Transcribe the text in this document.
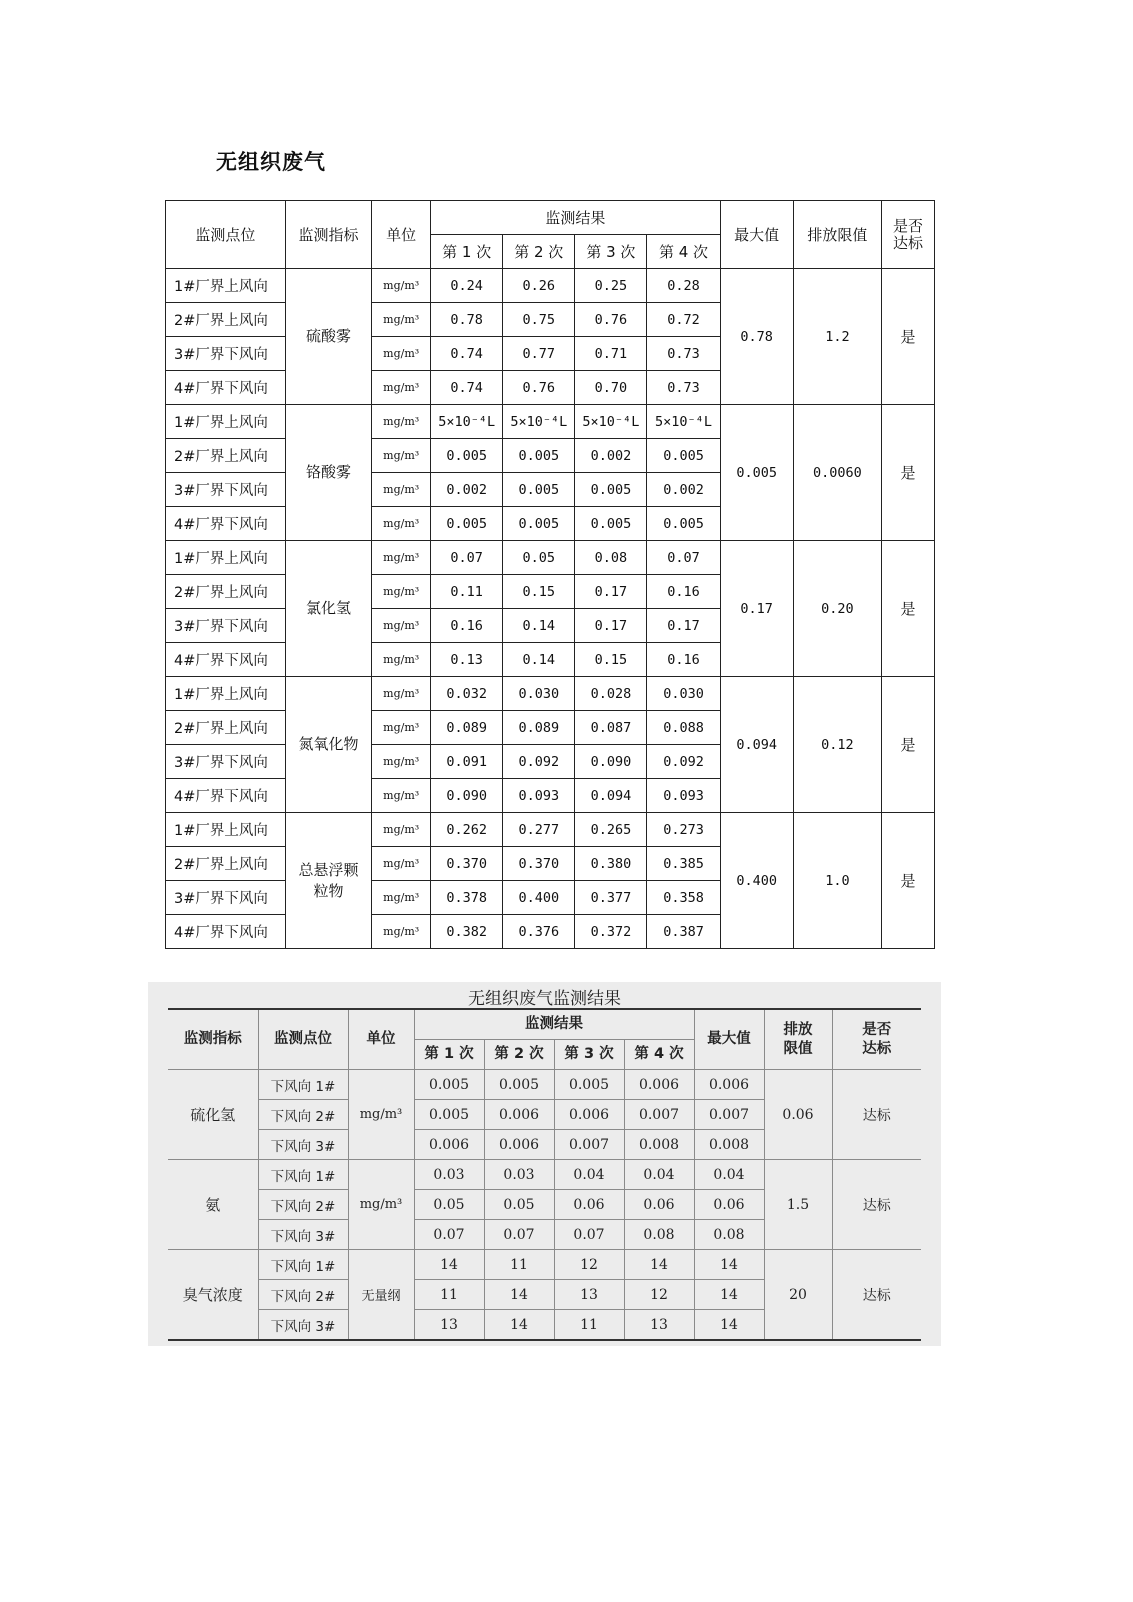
无组织废气
监测点位	监测指标	单位	监测结果				最大值	排放限值	是否达标
			第 1 次	第 2 次	第 3 次	第 4 次			
1#厂界上风向	硫酸雾	mg/m³	0.24	0.26	0.25	0.28	0.78	1.2	是
2#厂界上风向		mg/m³	0.78	0.75	0.76	0.72			
3#厂界下风向		mg/m³	0.74	0.77	0.71	0.73			
4#厂界下风向		mg/m³	0.74	0.76	0.70	0.73			
1#厂界上风向	铬酸雾	mg/m³	5×10⁻⁴L	5×10⁻⁴L	5×10⁻⁴L	5×10⁻⁴L	0.005	0.0060	是
2#厂界上风向		mg/m³	0.005	0.005	0.002	0.005			
3#厂界下风向		mg/m³	0.002	0.005	0.005	0.002			
4#厂界下风向		mg/m³	0.005	0.005	0.005	0.005			
1#厂界上风向	氯化氢	mg/m³	0.07	0.05	0.08	0.07	0.17	0.20	是
2#厂界上风向		mg/m³	0.11	0.15	0.17	0.16			
3#厂界下风向		mg/m³	0.16	0.14	0.17	0.17			
4#厂界下风向		mg/m³	0.13	0.14	0.15	0.16			
1#厂界上风向	氮氧化物	mg/m³	0.032	0.030	0.028	0.030	0.094	0.12	是
2#厂界上风向		mg/m³	0.089	0.089	0.087	0.088			
3#厂界下风向		mg/m³	0.091	0.092	0.090	0.092			
4#厂界下风向		mg/m³	0.090	0.093	0.094	0.093			
1#厂界上风向	总悬浮颗粒物	mg/m³	0.262	0.277	0.265	0.273	0.400	1.0	是
2#厂界上风向		mg/m³	0.370	0.370	0.380	0.385			
3#厂界下风向		mg/m³	0.378	0.400	0.377	0.358			
4#厂界下风向		mg/m³	0.382	0.376	0.372	0.387			
无组织废气监测结果
监测指标	监测点位	单位	监测结果				最大值	排放限值	是否达标
			第 1 次	第 2 次	第 3 次	第 4 次			
硫化氢	下风向 1#	mg/m³	0.005	0.005	0.005	0.006	0.006	0.06	达标
	下风向 2#		0.005	0.006	0.006	0.007	0.007		
	下风向 3#		0.006	0.006	0.007	0.008	0.008		
氨	下风向 1#	mg/m³	0.03	0.03	0.04	0.04	0.04	1.5	达标
	下风向 2#		0.05	0.05	0.06	0.06	0.06		
	下风向 3#		0.07	0.07	0.07	0.08	0.08		
臭气浓度	下风向 1#	无量纲	14	11	12	14	14	20	达标
	下风向 2#		11	14	13	12	14		
	下风向 3#		13	14	11	13	14		
